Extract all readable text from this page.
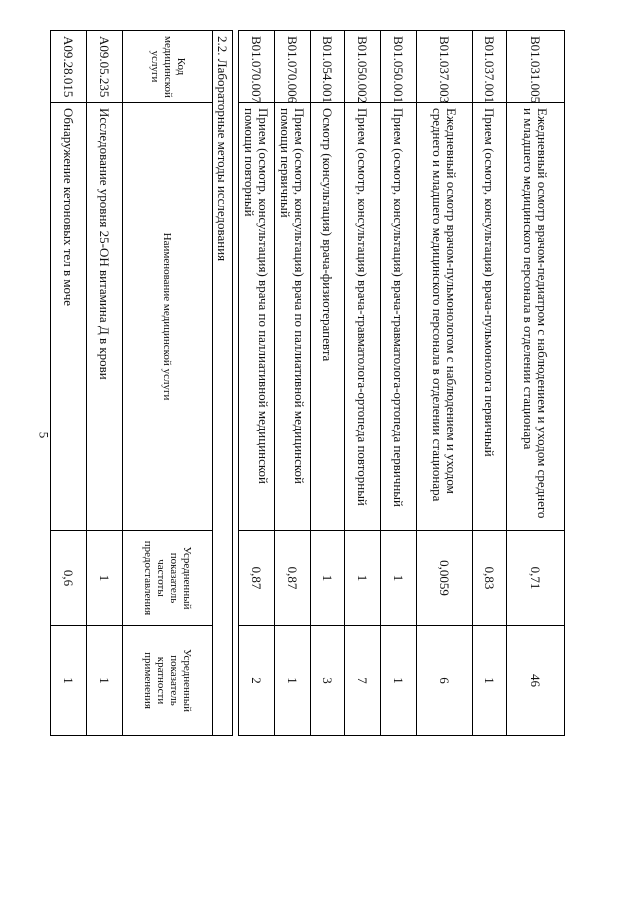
5
B01.031.005	Ежедневный осмотр врачом-педиатром с наблюдением и уходом среднего и младшего медицинского персонала в отделении стационара	0,71	46
B01.037.001	Прием (осмотр, консультация) врача-пульмонолога первичный	0,83	1
B01.037.003	Ежедневный осмотр врачом-пульмонологом с наблюдением и уходом среднего и младшего медицинского персонала в отделении стационара	0,0059	6
B01.050.001	Прием (осмотр, консультация) врача-травматолога-ортопеда первичный	1	1
B01.050.002	Прием (осмотр, консультация) врача-травматолога-ортопеда повторный	1	7
B01.054.001	Осмотр (консультация) врача-физиотерапевта	1	3
B01.070.006	Прием (осмотр, консультация) врача по паллиативной медицинской помощи первичный	0,87	1
B01.070.007	Прием (осмотр, консультация) врача по паллиативной медицинской помощи повторный	0,87	2
2.2. Лабораторные методы исследования			
Код медицинской услуги	Наименование медицинской услуги	Усредненный показатель частоты предоставления	Усредненный показатель кратности применения
A09.05.235	Исследование уровня 25-ОН витамина Д в крови	1	1
A09.28.015	Обнаружение кетоновых тел в моче	0,6	1
